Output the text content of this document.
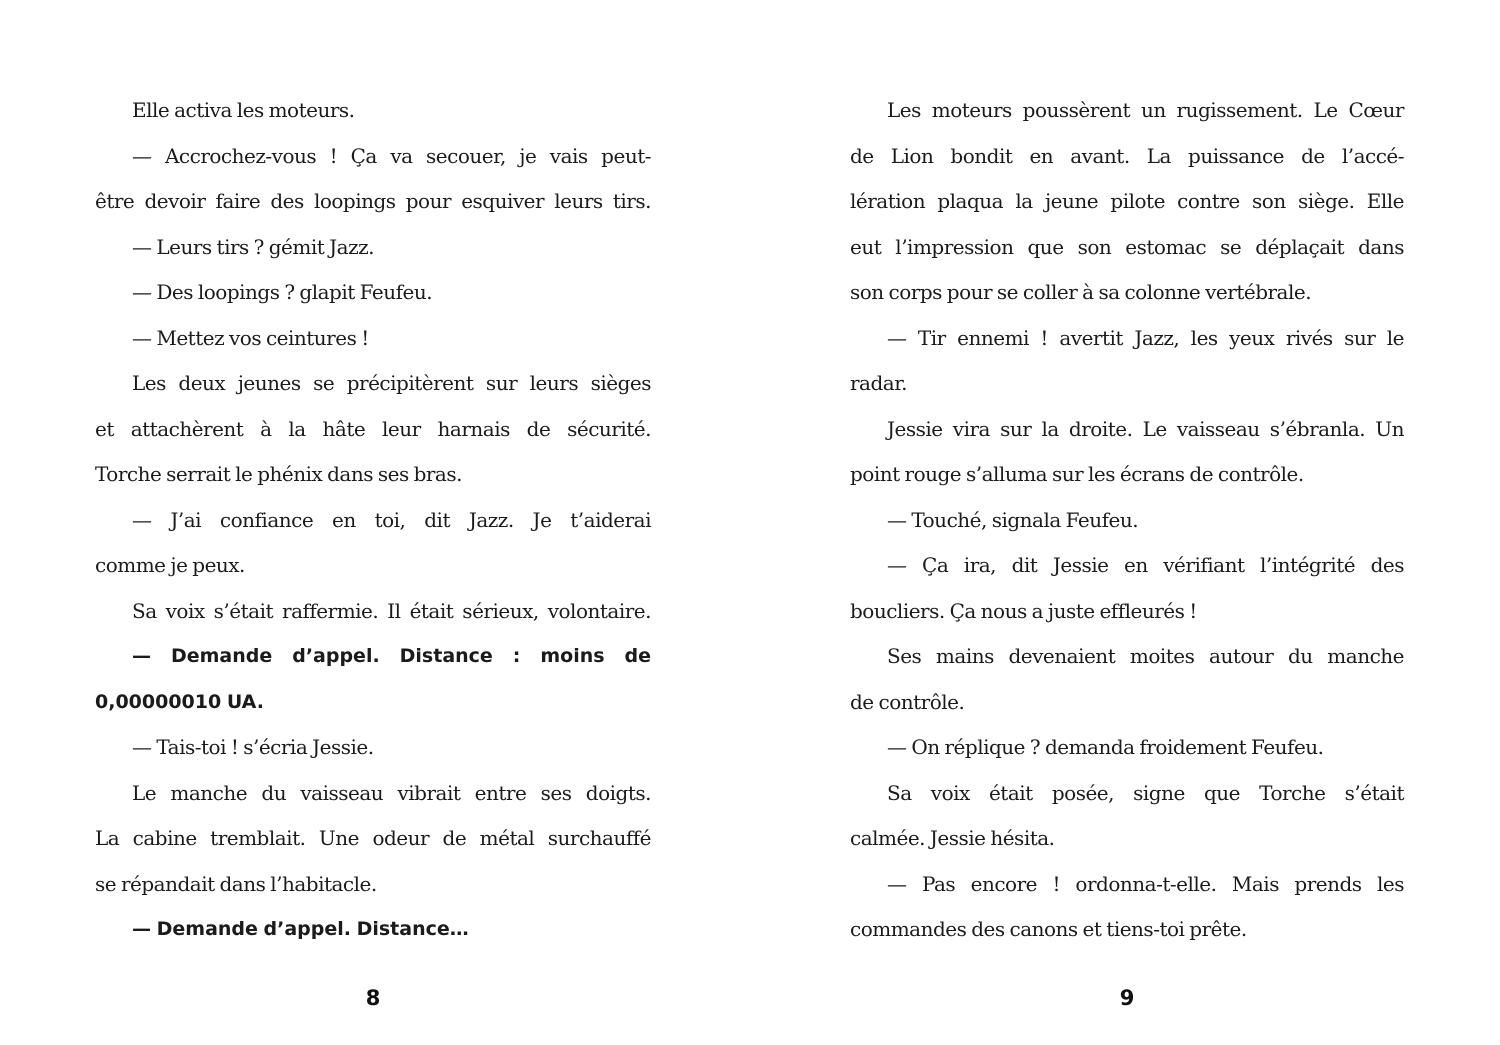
Elle activa les moteurs.

— Accrochez-vous ! Ça va secouer, je vais peut-

être devoir faire des loopings pour esquiver leurs tirs.

— Leurs tirs ? gémit Jazz.

— Des loopings ? glapit Feufeu.

— Mettez vos ceintures !

Les deux jeunes se précipitèrent sur leurs sièges

et attachèrent à la hâte leur harnais de sécurité.

Torche serrait le phénix dans ses bras.

— J’ai confiance en toi, dit Jazz. Je t’aiderai

comme je peux.

Sa voix s’était raffermie. Il était sérieux, volontaire.

— Demande d’appel. Distance : moins de

0,00000010 UA.

— Tais-toi ! s’écria Jessie.

Le manche du vaisseau vibrait entre ses doigts.

La cabine tremblait. Une odeur de métal surchauffé

se répandait dans l’habitacle.

— Demande d’appel. Distance…

8

Les moteurs poussèrent un rugissement. Le Cœur

de Lion bondit en avant. La puissance de l’accé-

lération plaqua la jeune pilote contre son siège. Elle

eut l’impression que son estomac se déplaçait dans

son corps pour se coller à sa colonne vertébrale.

— Tir ennemi ! avertit Jazz, les yeux rivés sur le

radar.

Jessie vira sur la droite. Le vaisseau s’ébranla. Un

point rouge s’alluma sur les écrans de contrôle.

— Touché, signala Feufeu.

— Ça ira, dit Jessie en vérifiant l’intégrité des

boucliers. Ça nous a juste effleurés !

Ses mains devenaient moites autour du manche

de contrôle.

— On réplique ? demanda froidement Feufeu.

Sa voix était posée, signe que Torche s’était

calmée. Jessie hésita.

— Pas encore ! ordonna-t-elle. Mais prends les

commandes des canons et tiens-toi prête.

9
